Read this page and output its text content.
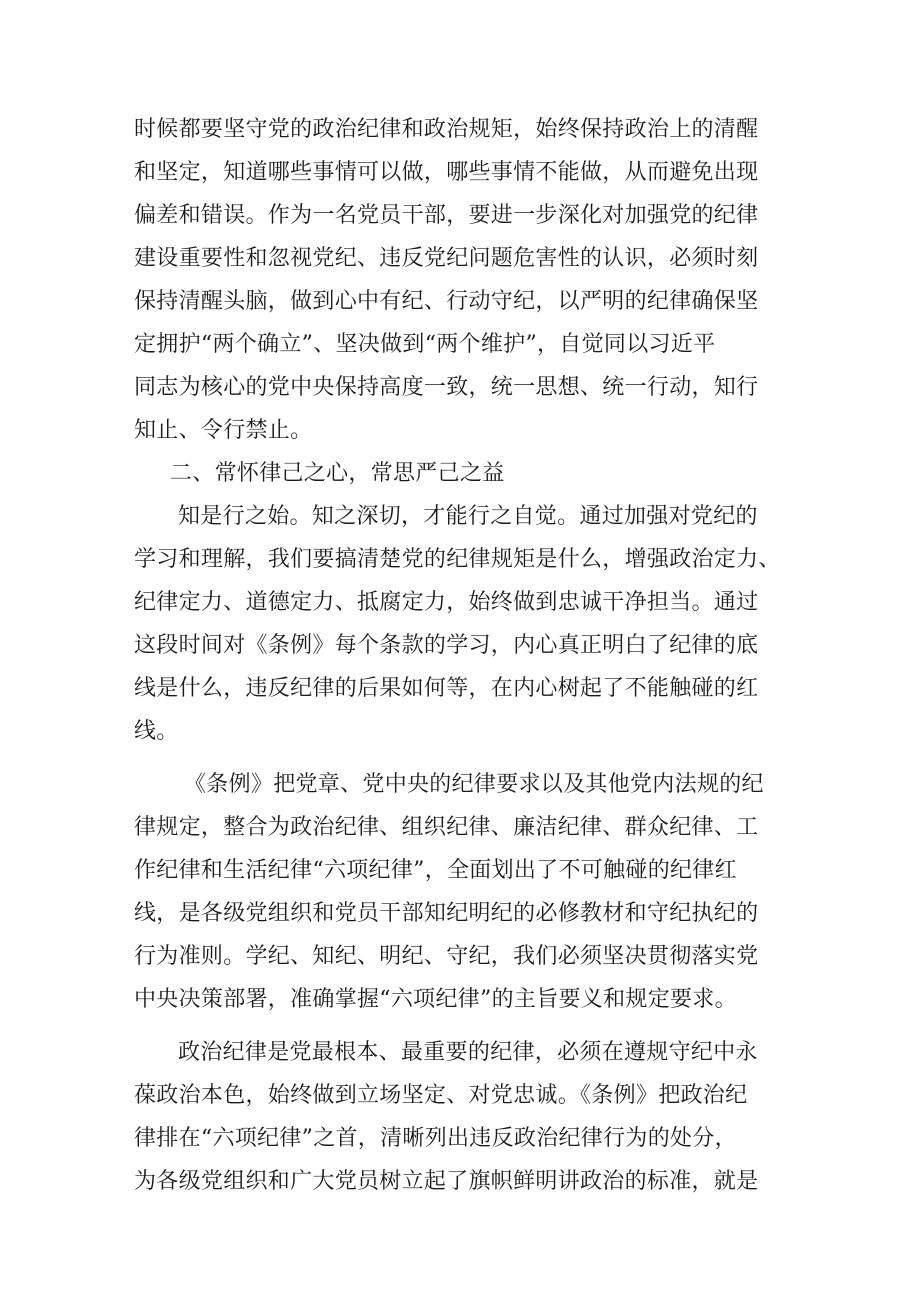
时候都要坚守党的政治纪律和政治规矩，始终保持政治上的清醒
和坚定，知道哪些事情可以做，哪些事情不能做，从而避免出现
偏差和错误。作为一名党员干部，要进一步深化对加强党的纪律
建设重要性和忽视党纪、违反党纪问题危害性的认识，必须时刻
保持清醒头脑，做到心中有纪、行动守纪，以严明的纪律确保坚
定拥护“两个确立”、坚决做到“两个维护”，自觉同以习近平
同志为核心的党中央保持高度一致，统一思想、统一行动，知行
知止、令行禁止。
二、常怀律己之心，常思严己之益
知是行之始。知之深切，才能行之自觉。通过加强对党纪的
学习和理解，我们要搞清楚党的纪律规矩是什么，增强政治定力、
纪律定力、道德定力、抵腐定力，始终做到忠诚干净担当。通过
这段时间对《条例》每个条款的学习，内心真正明白了纪律的底
线是什么，违反纪律的后果如何等，在内心树起了不能触碰的红
线。
《条例》把党章、党中央的纪律要求以及其他党内法规的纪
律规定，整合为政治纪律、组织纪律、廉洁纪律、群众纪律、工
作纪律和生活纪律“六项纪律”，全面划出了不可触碰的纪律红
线，是各级党组织和党员干部知纪明纪的必修教材和守纪执纪的
行为准则。学纪、知纪、明纪、守纪，我们必须坚决贯彻落实党
中央决策部署，准确掌握“六项纪律”的主旨要义和规定要求。
政治纪律是党最根本、最重要的纪律，必须在遵规守纪中永
葆政治本色，始终做到立场坚定、对党忠诚。《条例》把政治纪
律排在“六项纪律”之首，清晰列出违反政治纪律行为的处分，
为各级党组织和广大党员树立起了旗帜鲜明讲政治的标准，就是
